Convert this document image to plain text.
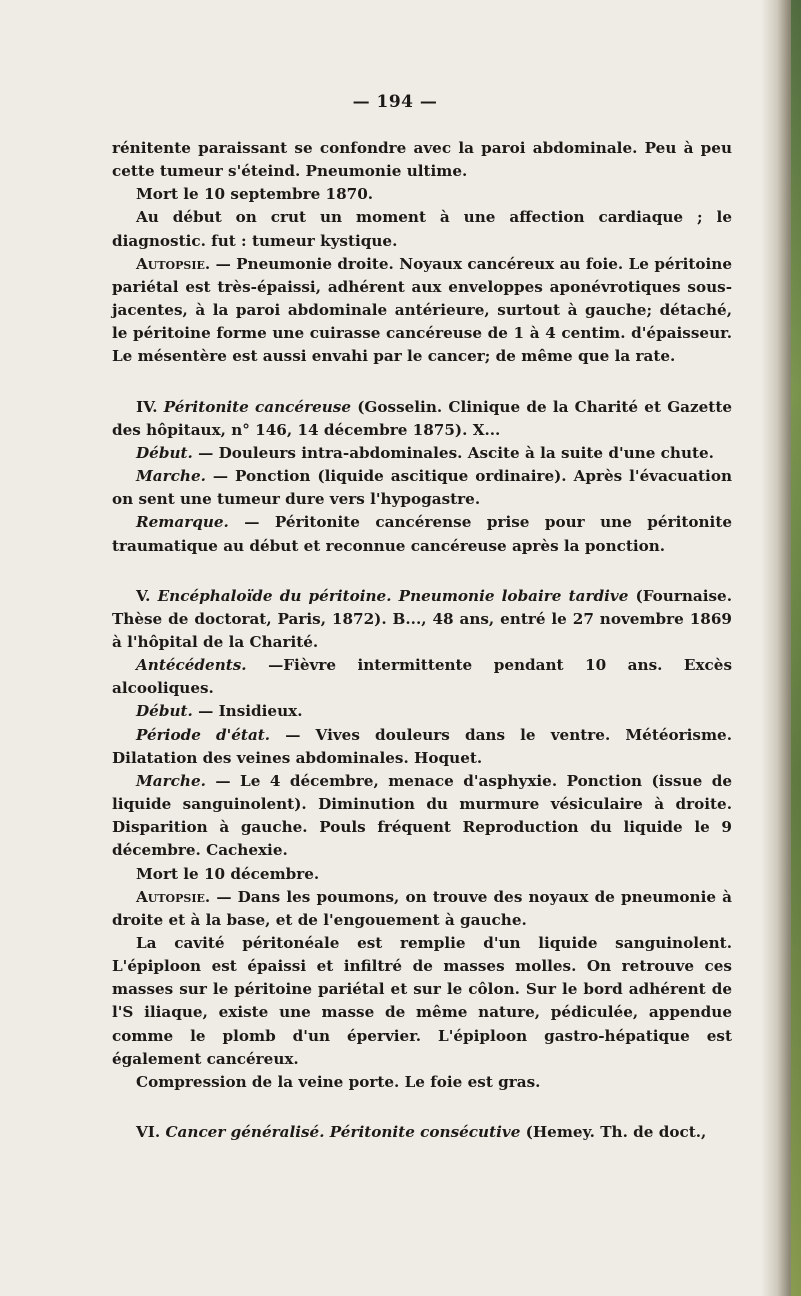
— 194 —

rénitente paraissant se confondre avec la paroi abdominale. Peu à peu cette tumeur s'éteind. Pneumonie ultime.

Mort le 10 septembre 1870.

Au début on crut un moment à une affection cardiaque ; le diagnostic. fut : tumeur kystique.

Autopsie. — Pneumonie droite. Noyaux cancéreux au foie. Le péritoine pariétal est très-épaissi, adhérent aux enveloppes aponévrotiques sous-jacentes, à la paroi abdominale antérieure, surtout à gauche; détaché, le péritoine forme une cuirasse cancéreuse de 1 à 4 centim. d'épaisseur. Le mésentère est aussi envahi par le cancer; de même que la rate.

IV. Péritonite cancéreuse (Gosselin. Clinique de la Charité et Gazette des hôpitaux, n° 146, 14 décembre 1875). X...

Début. — Douleurs intra-abdominales. Ascite à la suite d'une chute.

Marche. — Ponction (liquide ascitique ordinaire). Après l'évacuation on sent une tumeur dure vers l'hypogastre.

Remarque. — Péritonite cancérense prise pour une péritonite traumatique au début et reconnue cancéreuse après la ponction.

V. Encéphaloïde du péritoine. Pneumonie lobaire tardive (Fournaise. Thèse de doctorat, Paris, 1872). B..., 48 ans, entré le 27 novembre 1869 à l'hôpital de la Charité.

Antécédents. —Fièvre intermittente pendant 10 ans. Excès alcooliques.

Début. — Insidieux.

Période d'état. — Vives douleurs dans le ventre. Météorisme. Dilatation des veines abdominales. Hoquet.

Marche. — Le 4 décembre, menace d'asphyxie. Ponction (issue de liquide sanguinolent). Diminution du murmure vésiculaire à droite. Disparition à gauche. Pouls fréquent Reproduction du liquide le 9 décembre. Cachexie.

Mort le 10 décembre.

Autopsie. — Dans les poumons, on trouve des noyaux de pneumonie à droite et à la base, et de l'engouement à gauche.

La cavité péritonéale est remplie d'un liquide sanguinolent. L'épiploon est épaissi et infiltré de masses molles. On retrouve ces masses sur le péritoine pariétal et sur le côlon. Sur le bord adhérent de l'S iliaque, existe une masse de même nature, pédiculée, appendue comme le plomb d'un épervier. L'épiploon gastro-hépatique est également cancéreux.

Compression de la veine porte. Le foie est gras.

VI. Cancer généralisé. Péritonite consécutive (Hemey. Th. de doct.,
